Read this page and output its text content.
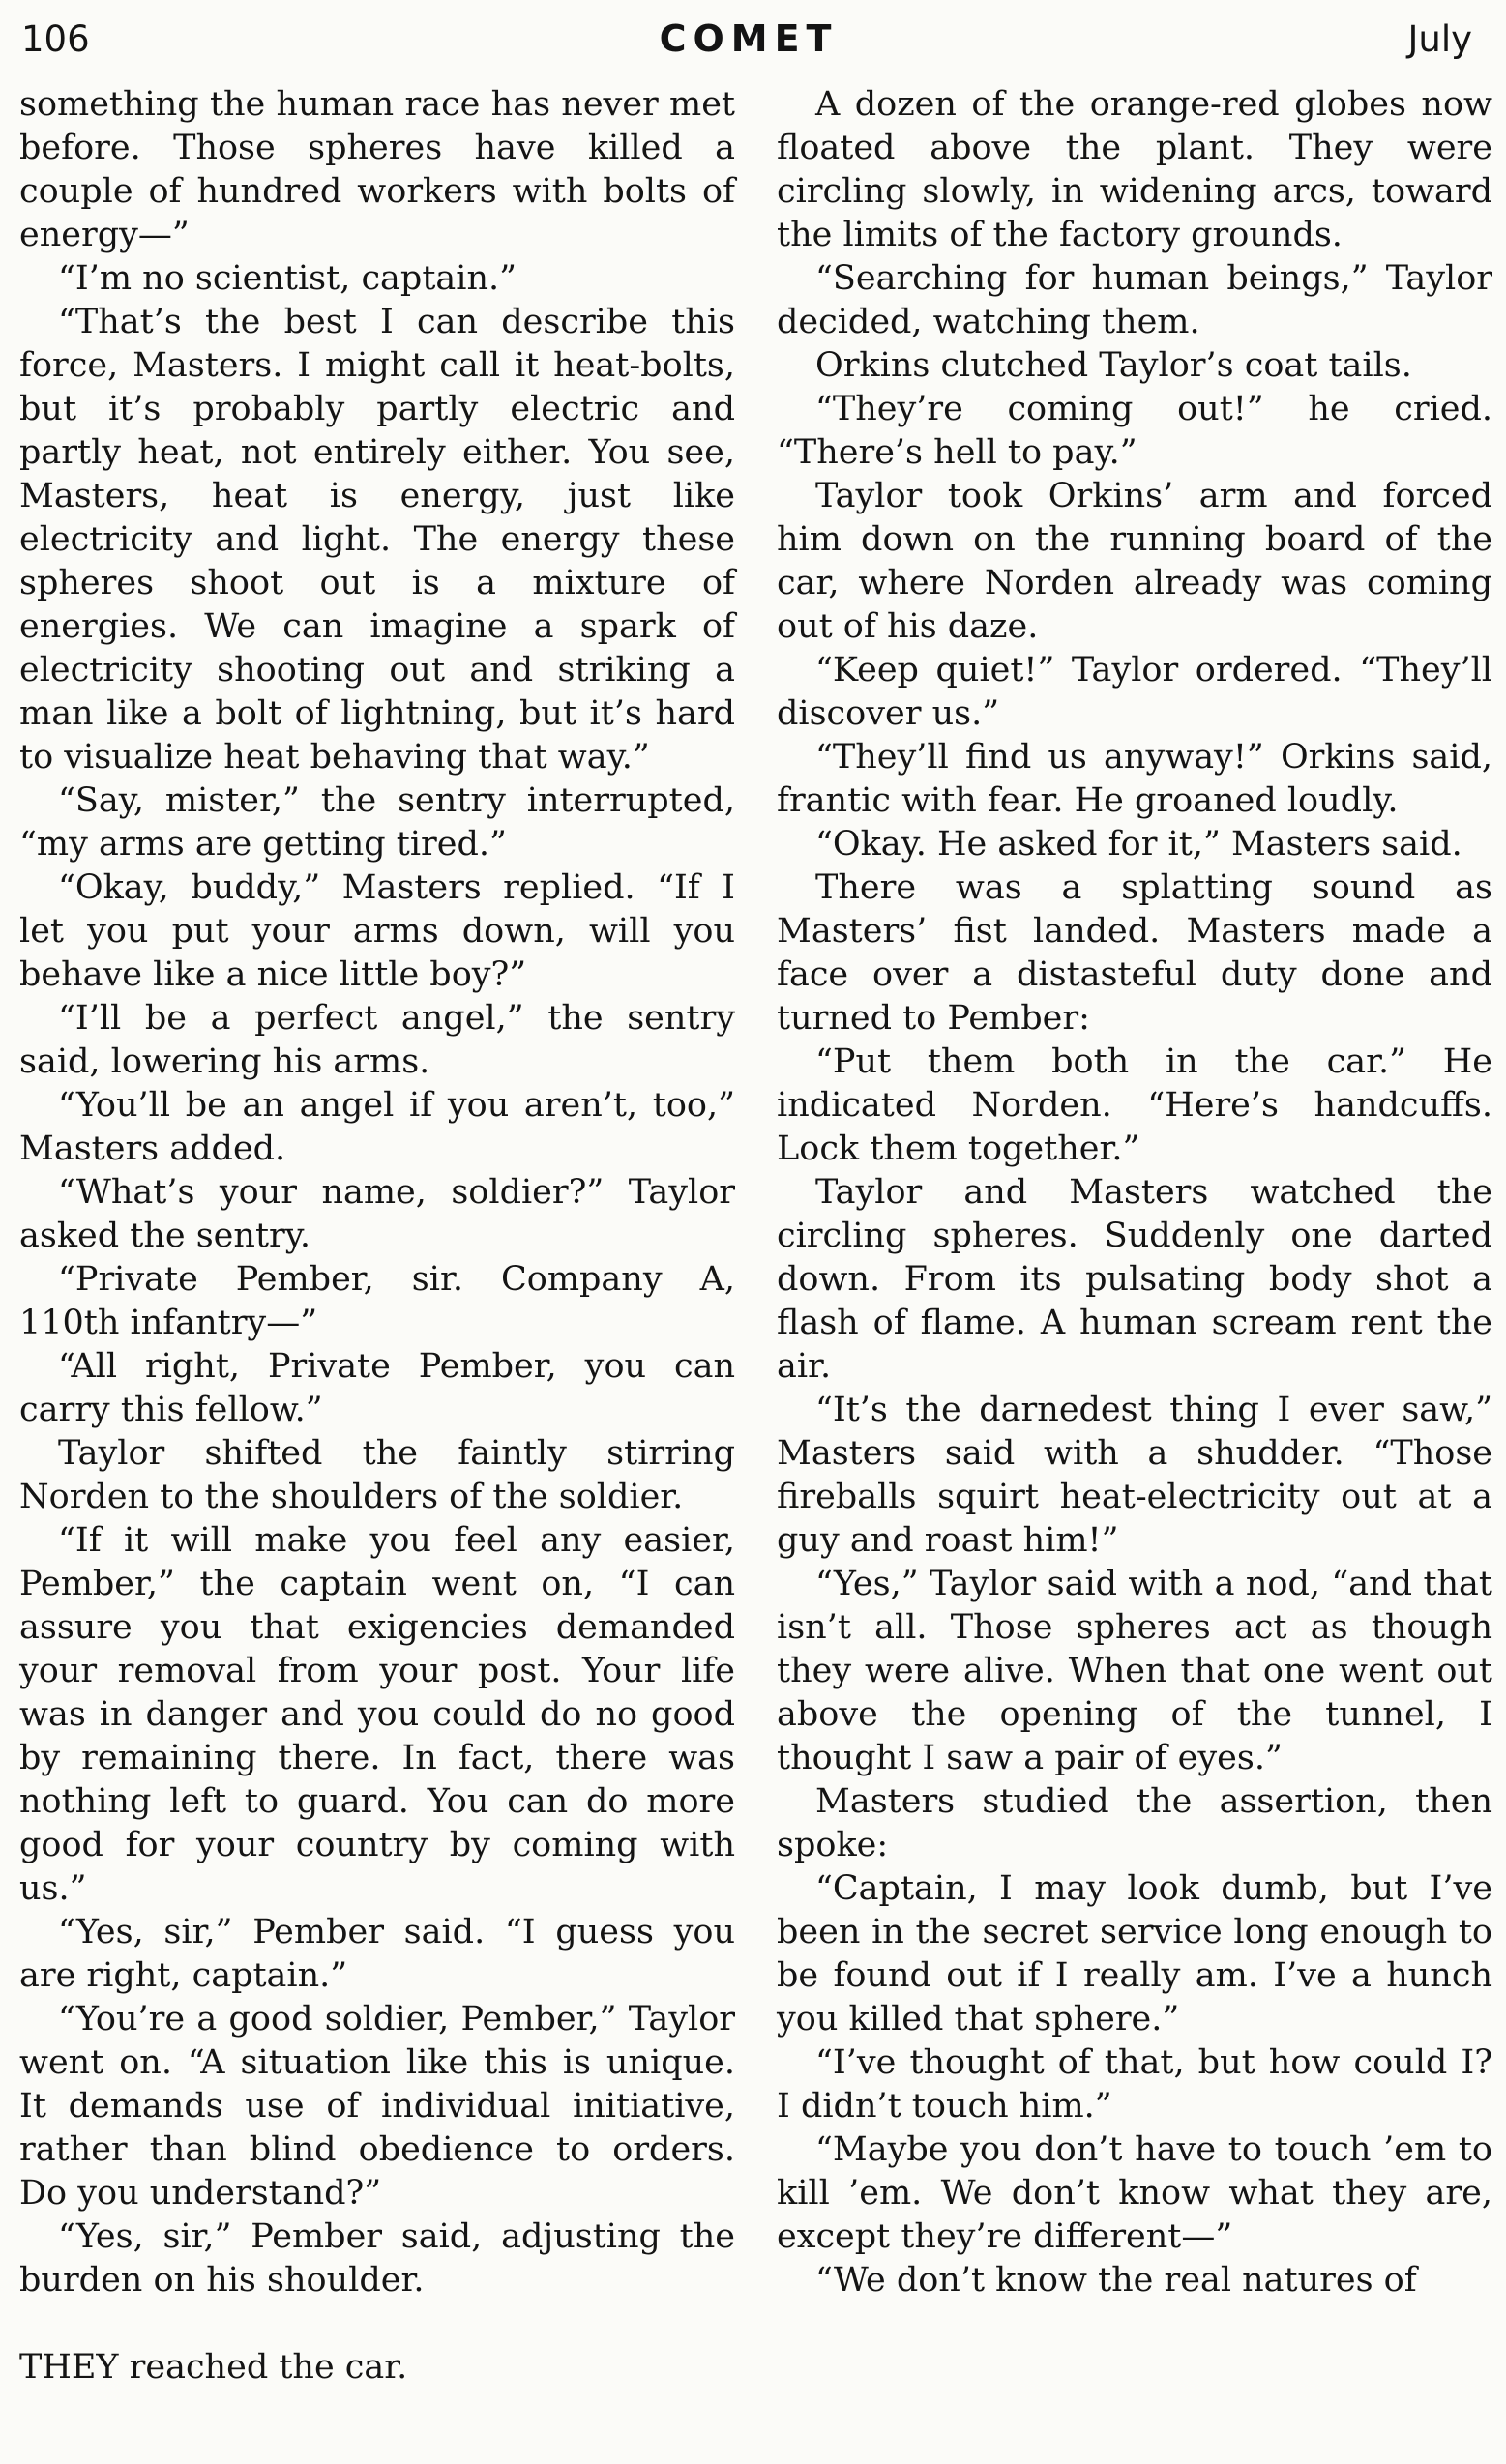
106	COMET	July

something the human race has never met before. Those spheres have killed a couple of hundred workers with bolts of energy—”

“I’m no scientist, captain.”

“That’s the best I can describe this force, Masters. I might call it heat-bolts, but it’s probably partly electric and partly heat, not entirely either. You see, Masters, heat is energy, just like electricity and light. The energy these spheres shoot out is a mixture of energies. We can imagine a spark of electricity shooting out and striking a man like a bolt of lightning, but it’s hard to visualize heat behaving that way.”

“Say, mister,” the sentry interrupted, “my arms are getting tired.”

“Okay, buddy,” Masters replied. “If I let you put your arms down, will you behave like a nice little boy?”

“I’ll be a perfect angel,” the sentry said, lowering his arms.

“You’ll be an angel if you aren’t, too,” Masters added.

“What’s your name, soldier?” Taylor asked the sentry.

“Private Pember, sir. Company A, 110th infantry—”

“All right, Private Pember, you can carry this fellow.”

Taylor shifted the faintly stirring Norden to the shoulders of the soldier.

“If it will make you feel any easier, Pember,” the captain went on, “I can assure you that exigencies demanded your removal from your post. Your life was in danger and you could do no good by remaining there. In fact, there was nothing left to guard. You can do more good for your country by coming with us.”

“Yes, sir,” Pember said. “I guess you are right, captain.”

“You’re a good soldier, Pember,” Taylor went on. “A situation like this is unique. It demands use of individual initiative, rather than blind obedience to orders. Do you understand?”

“Yes, sir,” Pember said, adjusting the burden on his shoulder.

THEY reached the car.

A dozen of the orange-red globes now floated above the plant. They were circling slowly, in widening arcs, toward the limits of the factory grounds.

“Searching for human beings,” Taylor decided, watching them.

Orkins clutched Taylor’s coat tails.

“They’re coming out!” he cried. “There’s hell to pay.”

Taylor took Orkins’ arm and forced him down on the running board of the car, where Norden already was coming out of his daze.

“Keep quiet!” Taylor ordered. “They’ll discover us.”

“They’ll find us anyway!” Orkins said, frantic with fear. He groaned loudly.

“Okay. He asked for it,” Masters said.

There was a splatting sound as Masters’ fist landed. Masters made a face over a distasteful duty done and turned to Pember:

“Put them both in the car.” He indicated Norden. “Here’s handcuffs. Lock them together.”

Taylor and Masters watched the circling spheres. Suddenly one darted down. From its pulsating body shot a flash of flame. A human scream rent the air.

“It’s the darnedest thing I ever saw,” Masters said with a shudder. “Those fireballs squirt heat-electricity out at a guy and roast him!”

“Yes,” Taylor said with a nod, “and that isn’t all. Those spheres act as though they were alive. When that one went out above the opening of the tunnel, I thought I saw a pair of eyes.”

Masters studied the assertion, then spoke:

“Captain, I may look dumb, but I’ve been in the secret service long enough to be found out if I really am. I’ve a hunch you killed that sphere.”

“I’ve thought of that, but how could I? I didn’t touch him.”

“Maybe you don’t have to touch ’em to kill ’em. We don’t know what they are, except they’re different—”

“We don’t know the real natures of
